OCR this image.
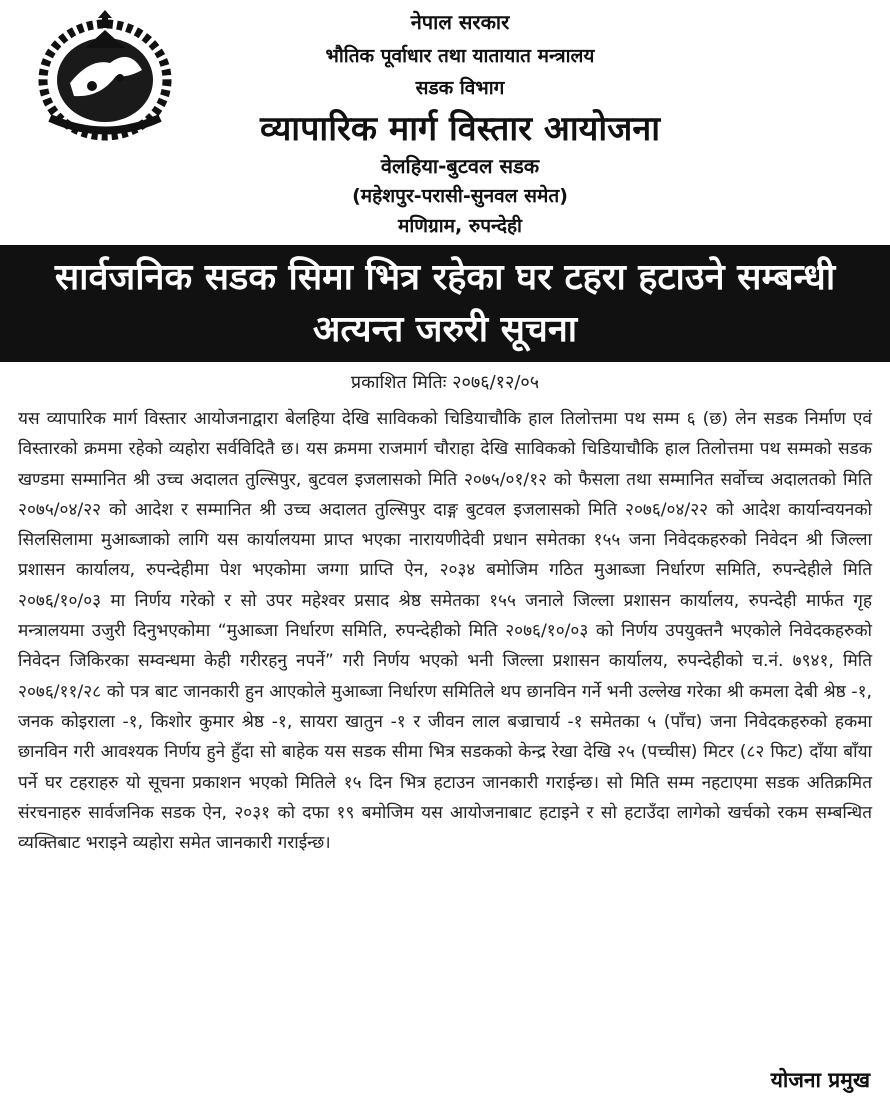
नेपाल सरकार
भौतिक पूर्वाधार तथा यातायात मन्त्रालय
सडक विभाग
व्यापारिक मार्ग विस्तार आयोजना
वेलहिया-बुटवल सडक
(महेशपुर-परासी-सुनवल समेत)
मणिग्राम, रुपन्देही
सार्वजनिक सडक सिमा भित्र रहेका घर टहरा हटाउने सम्बन्धी
अत्यन्त जरुरी सूचना
प्रकाशित मितिः २०७६/१२/०५
यस व्यापारिक मार्ग विस्तार आयोजनाद्वारा बेलहिया देखि साविकको चिडियाचौकि हाल तिलोत्तमा पथ सम्म ६ (छ) लेन सडक निर्माण एवं विस्तारको क्रममा रहेको व्यहोरा सर्वविदितै छ। यस क्रममा राजमार्ग चौराहा देखि साविकको चिडियाचौकि हाल तिलोत्तमा पथ सम्मको सडक खण्डमा सम्मानित श्री उच्च अदालत तुल्सिपुर, बुटवल इजलासको मिति २०७५/०१/१२ को फैसला तथा सम्मानित सर्वोच्च अदालतको मिति २०७५/०४/२२ को आदेश र सम्मानित श्री उच्च अदालत तुल्सिपुर दाङ्ग बुटवल इजलासको मिति २०७६/०४/२२ को आदेश कार्यान्वयनको सिलसिलामा मुआब्जाको लागि यस कार्यालयमा प्राप्त भएका नारायणीदेवी प्रधान समेतका १५५ जना निवेदकहरुको निवेदन श्री जिल्ला प्रशासन कार्यालय, रुपन्देहीमा पेश भएकोमा जग्गा प्राप्ति ऐन, २०३४ बमोजिम गठित मुआब्जा निर्धारण समिति, रुपन्देहीले मिति २०७६/१०/०३ मा निर्णय गरेको र सो उपर महेश्वर प्रसाद श्रेष्ठ समेतका १५५ जनाले जिल्ला प्रशासन कार्यालय, रुपन्देही मार्फत गृह मन्त्रालयमा उजुरी दिनुभएकोमा “मुआब्जा निर्धारण समिति, रुपन्देहीको मिति २०७६/१०/०३ को निर्णय उपयुक्तनै भएकोले निवेदकहरुको निवेदन जिकिरका सम्वन्धमा केही गरीरहनु नपर्ने” गरी निर्णय भएको भनी जिल्ला प्रशासन कार्यालय, रुपन्देहीको च.नं. ७९४१, मिति २०७६/११/२८ को पत्र बाट जानकारी हुन आएकोले मुआब्जा निर्धारण समितिले थप छानविन गर्ने भनी उल्लेख गरेका श्री कमला देबी श्रेष्ठ -१, जनक कोइराला -१, किशोर कुमार श्रेष्ठ -१, सायरा खातुन -१ र जीवन लाल बज्राचार्य -१ समेतका ५ (पाँच) जना निवेदकहरुको हकमा छानविन गरी आवश्यक निर्णय हुने हुँदा सो बाहेक यस सडक सीमा भित्र सडकको केन्द्र रेखा देखि २५ (पच्चीस) मिटर (८२ फिट) दाँया बाँया पर्ने घर टहराहरु यो सूचना प्रकाशन भएको मितिले १५ दिन भित्र हटाउन जानकारी गराईन्छ। सो मिति सम्म नहटाएमा सडक अतिक्रमित संरचनाहरु सार्वजनिक सडक ऐन, २०३१ को दफा १९ बमोजिम यस आयोजनाबाट हटाइने र सो हटाउँदा लागेको खर्चको रकम सम्बन्धित व्यक्तिबाट भराइने व्यहोरा समेत जानकारी गराईन्छ।
योजना प्रमुख
